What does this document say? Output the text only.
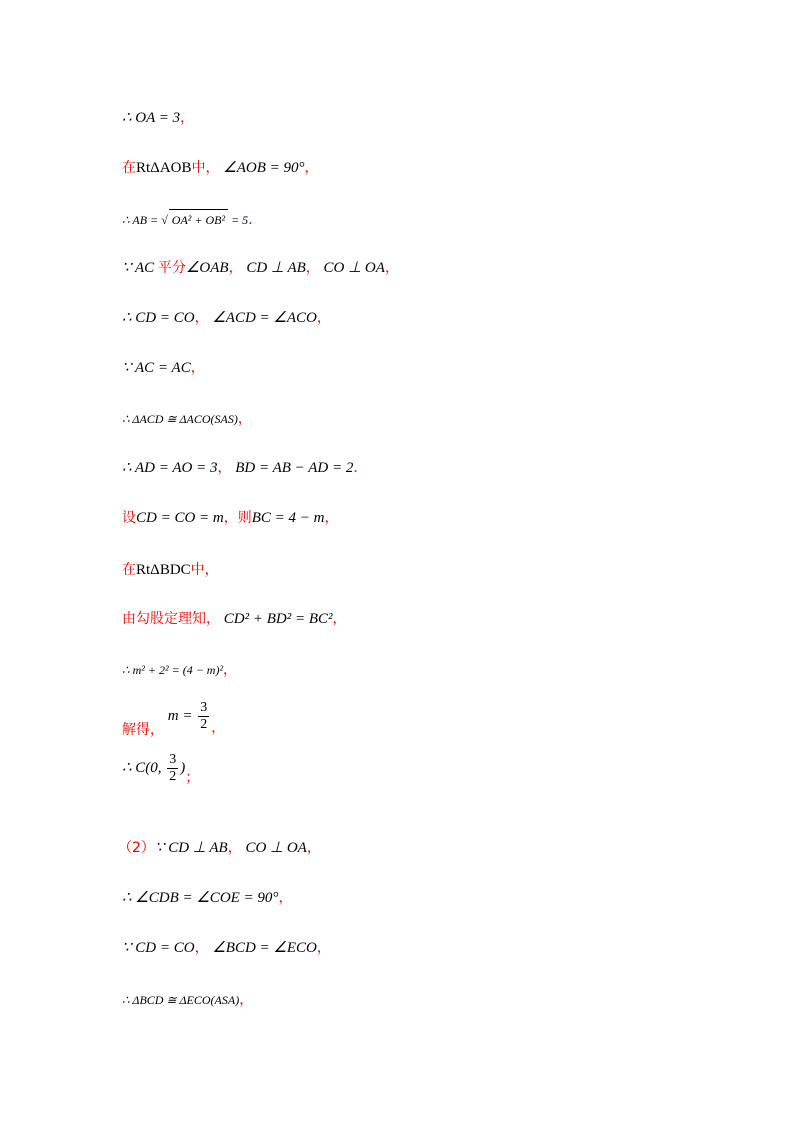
∴ OA = 3，
在RtΔAOB中， ∠AOB = 90°，
∴ AB = √ OA² + OB² = 5．
∵ AC 平分∠OAB， CD ⊥ AB， CO ⊥ OA，
∴ CD = CO， ∠ACD = ∠ACO，
∵ AC = AC，
∴ ΔACD ≅ ΔACO(SAS)，
∴ AD = AO = 3， BD = AB − AD = 2．
设CD = CO = m，则BC = 4 − m，
在RtΔBDC中，
由勾股定理知， CD² + BD² = BC²，
∴ m² + 2² = (4 − m)²，
解得， $m = \frac{3}{2}$ ，
∴ C(0, $\frac{3}{2}$ )；
（2）∵ CD ⊥ AB， CO ⊥ OA，
∴ ∠CDB = ∠COE = 90°，
∵ CD = CO， ∠BCD = ∠ECO，
∴ ΔBCD ≅ ΔECO(ASA)，
